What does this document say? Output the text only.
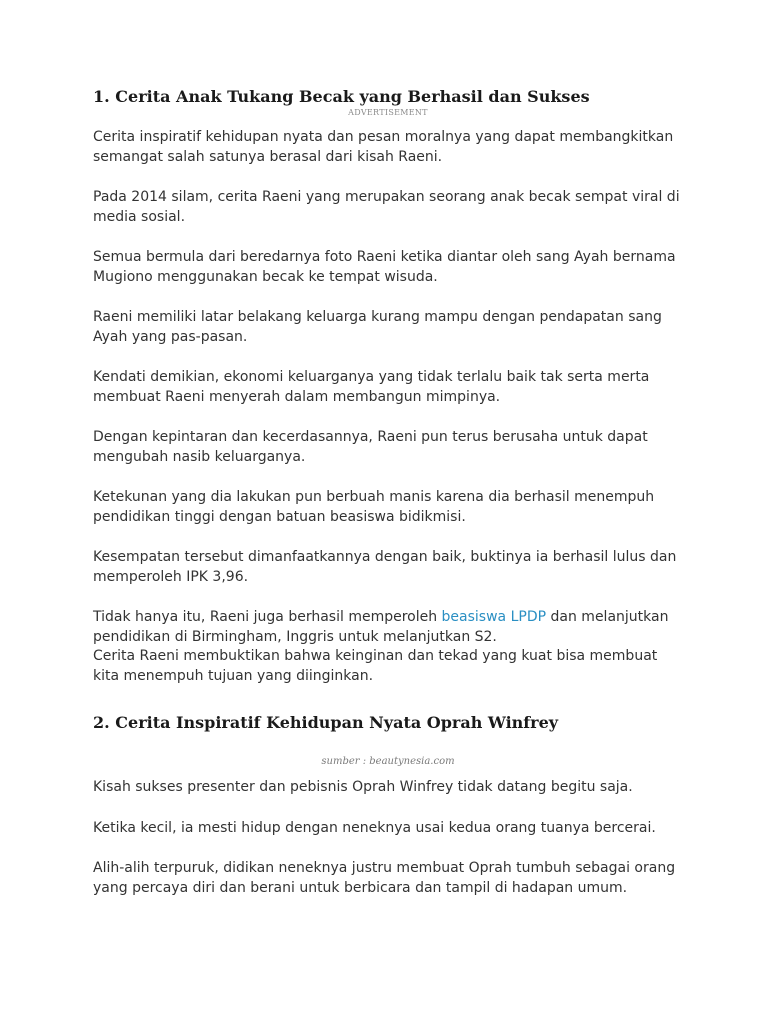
1. Cerita Anak Tukang Becak yang Berhasil dan Sukses
ADVERTISEMENT

Cerita inspiratif kehidupan nyata dan pesan moralnya yang dapat membangkitkan semangat salah satunya berasal dari kisah Raeni.

Pada 2014 silam, cerita Raeni yang merupakan seorang anak becak sempat viral di media sosial.

Semua bermula dari beredarnya foto Raeni ketika diantar oleh sang Ayah bernama Mugiono menggunakan becak ke tempat wisuda.

Raeni memiliki latar belakang keluarga kurang mampu dengan pendapatan sang Ayah yang pas-pasan.

Kendati demikian, ekonomi keluarganya yang tidak terlalu baik tak serta merta membuat Raeni menyerah dalam membangun mimpinya.

Dengan kepintaran dan kecerdasannya, Raeni pun terus berusaha untuk dapat mengubah nasib keluarganya.

Ketekunan yang dia lakukan pun berbuah manis karena dia berhasil menempuh pendidikan tinggi dengan batuan beasiswa bidikmisi.

Kesempatan tersebut dimanfaatkannya dengan baik, buktinya ia berhasil lulus dan memperoleh IPK 3,96.

Tidak hanya itu, Raeni juga berhasil memperoleh beasiswa LPDP dan melanjutkan pendidikan di Birmingham, Inggris untuk melanjutkan S2.

Cerita Raeni membuktikan bahwa keinginan dan tekad yang kuat bisa membuat kita menempuh tujuan yang diinginkan.

2. Cerita Inspiratif Kehidupan Nyata Oprah Winfrey
sumber : beautynesia.com

Kisah sukses presenter dan pebisnis Oprah Winfrey tidak datang begitu saja.

Ketika kecil, ia mesti hidup dengan neneknya usai kedua orang tuanya bercerai.

Alih-alih terpuruk, didikan neneknya justru membuat Oprah tumbuh sebagai orang yang percaya diri dan berani untuk berbicara dan tampil di hadapan umum.
